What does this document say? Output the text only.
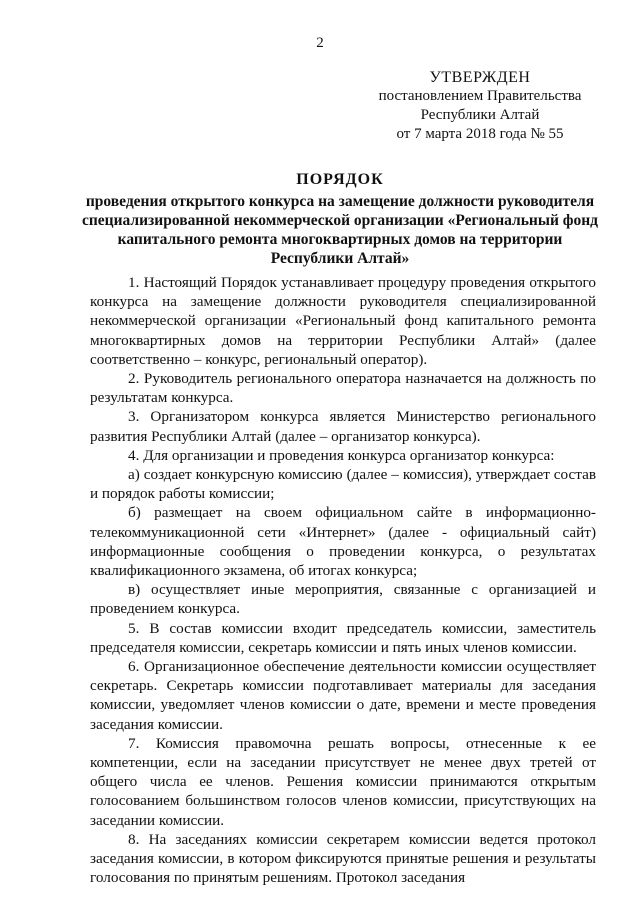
2
УТВЕРЖДЕН
постановлением Правительства
Республики Алтай
от 7 марта 2018 года № 55
ПОРЯДОК
проведения открытого конкурса на замещение должности руководителя специализированной некоммерческой организации «Региональный фонд капитального ремонта многоквартирных домов на территории Республики Алтай»

1. Настоящий Порядок устанавливает процедуру проведения открытого конкурса на замещение должности руководителя специализированной некоммерческой организации «Региональный фонд капитального ремонта многоквартирных домов на территории Республики Алтай» (далее соответственно – конкурс, региональный оператор).

2. Руководитель регионального оператора назначается на должность по результатам конкурса.

3. Организатором конкурса является Министерство регионального развития Республики Алтай (далее – организатор конкурса).

4. Для организации и проведения конкурса организатор конкурса:

а) создает конкурсную комиссию (далее – комиссия), утверждает состав и порядок работы комиссии;

б) размещает на своем официальном сайте в информационно-телекоммуникационной сети «Интернет» (далее - официальный сайт) информационные сообщения о проведении конкурса, о результатах квалификационного экзамена, об итогах конкурса;

в) осуществляет иные мероприятия, связанные с организацией и проведением конкурса.

5. В состав комиссии входит председатель комиссии, заместитель председателя комиссии, секретарь комиссии и пять иных членов комиссии.

6. Организационное обеспечение деятельности комиссии осуществляет секретарь. Секретарь комиссии подготавливает материалы для заседания комиссии, уведомляет членов комиссии о дате, времени и месте проведения заседания комиссии.

7. Комиссия правомочна решать вопросы, отнесенные к ее компетенции, если на заседании присутствует не менее двух третей от общего числа ее членов. Решения комиссии принимаются открытым голосованием большинством голосов членов комиссии, присутствующих на заседании комиссии.

8. На заседаниях комиссии секретарем комиссии ведется протокол заседания комиссии, в котором фиксируются принятые решения и результаты голосования по принятым решениям. Протокол заседания
